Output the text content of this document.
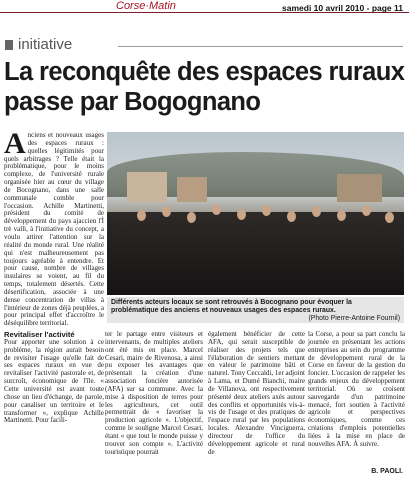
Corse·Matin	samedi 10 avril 2010 - page 11
initiative
La reconquête des espaces ruraux passe par Bogognano
Anciens et nouveaux usages des espaces ruraux : quelles légitimités pour quels arbitrages ? Telle était la problématique, pour le moins complexe, de l'université rurale organisée hier au cœur du village de Bocognano, dans une salle communale comble pour l'occasion. Achille Martinetti, président du comité de développement du pays ajaccien l'Ì trè valli, à l'initiative du concept, a voulu attirer l'attention sur la réalité du monde rural. Une réalité qui n'est malheureusement pas toujours agréable à entendre. Et pour cause, nombre de villages insulaires se voient, au fil du temps, totalement désertés. Cette désertification, associée à une dense concentration de villas à l'intérieur de zones déjà peuplées, a pour principal effet d'accroître le déséquilibre territorial.
Revitaliser l'activité
Pour apporter une solution à ce problème, la région aurait besoin de revisiter l'usage qu'elle fait de ses espaces ruraux en vue de revitaliser l'activité pastorale et, de surcroît, économique de l'île. « Cette université est avant toute chose un lieu d'échange, de parole, pour canaliser un territoire et le transformer », explique Achille Martinetti. Pour facili-
Différents acteurs locaux se sont retrouvés à Bocognano pour évoquer la problématique des anciens et nouveaux usages des espaces ruraux.
(Photo Pierre-Antoine Fournil)
ter le partage entre visiteurs et intervenants, de multiples ateliers ont été mis en place. Marcel Cesari, maire de Rivenosa, a ainsi pu exposer les avantages que présentait la création d'une association foncière autorisée (AFA) sur sa commune. Avec la mise à disposition de terres pour les agriculteurs, cet outil permettrait de « favoriser la production agricole ». L'objectif, comme le souligne Marcel Cesari, étant « que tout le monde puisse y trouver son compte ». L'activité touristique pourrait
également bénéficier de cette AFA, qui serait susceptible de réaliser des projets tels que l'élaboration de sentiers mettant en valeur le patrimoine bâti et naturel. Tony Ceccaldi, 1er adjoint à Lama, et Dumé Bianchi, maire de Villanova, ont respectivement présenté deux ateliers axés autour des conflits et opportunités vis-à-vis de l'usage et des pratiques de l'espace rural par les populations locales. Alexandre Vinciguerra, directeur de l'office du développement agricole et rural de
la Corse, a pour sa part conclu la journée en présentant les actions entreprises au sein du programme de développement rural de la Corse en faveur de la gestion du foncier. L'occasion de rappeler les grands enjeux du développement territorial. Où se croisent sauvegarde d'un patrimoine menacé, fort soutien à l'activité agricole et perspectives économiques, comme ces créations d'emplois potentielles liées à la mise en place de nouvelles AFA. À suivre.
B. PAOLI.
